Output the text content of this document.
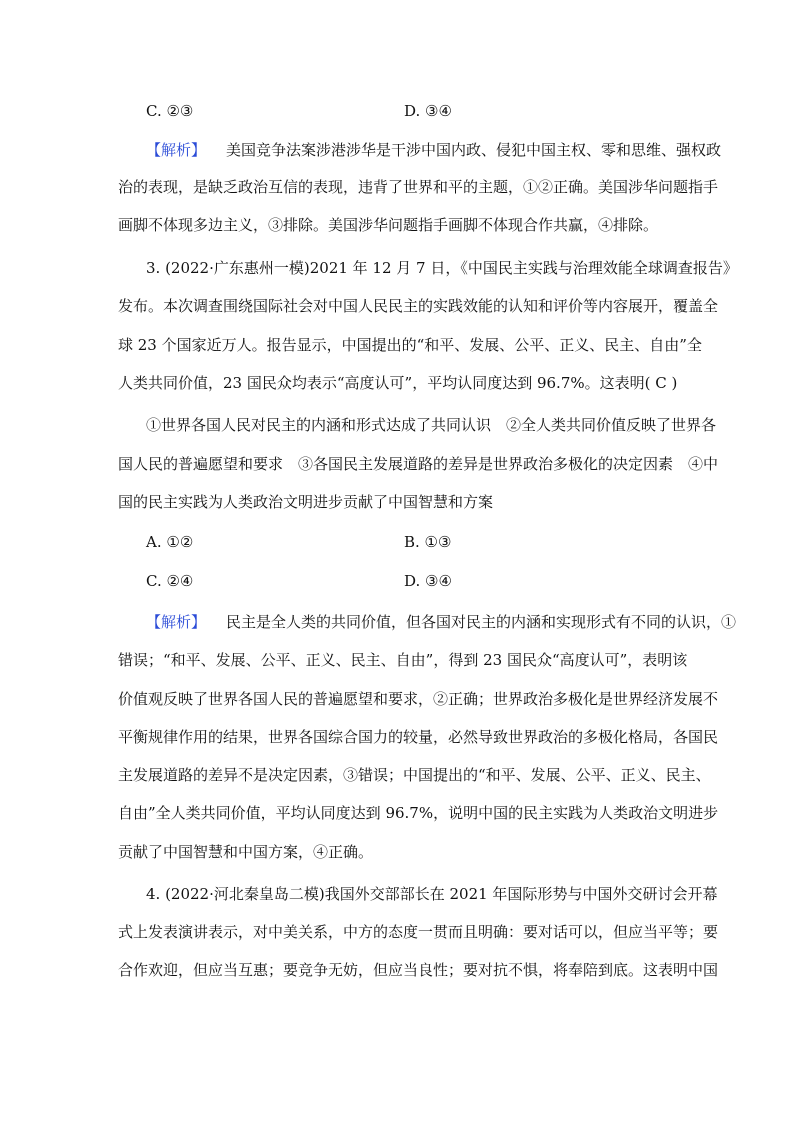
C. ②③	D. ③④
【解析】 美国竞争法案涉港涉华是干涉中国内政、侵犯中国主权、零和思维、强权政
治的表现，是缺乏政治互信的表现，违背了世界和平的主题，①②正确。美国涉华问题指手
画脚不体现多边主义，③排除。美国涉华问题指手画脚不体现合作共赢，④排除。
3. (2022·广东惠州一模)2021 年 12 月 7 日，《中国民主实践与治理效能全球调查报告》
发布。本次调查围绕国际社会对中国人民民主的实践效能的认知和评价等内容展开，覆盖全
球 23 个国家近万人。报告显示，中国提出的“和平、发展、公平、正义、民主、自由”全
人类共同价值，23 国民众均表示“高度认可”，平均认同度达到 96.7%。这表明( C )
①世界各国人民对民主的内涵和形式达成了共同认识　②全人类共同价值反映了世界各
国人民的普遍愿望和要求　③各国民主发展道路的差异是世界政治多极化的决定因素　④中
国的民主实践为人类政治文明进步贡献了中国智慧和方案
A. ①②	B. ①③
C. ②④	D. ③④
【解析】 民主是全人类的共同价值，但各国对民主的内涵和实现形式有不同的认识，①
错误；“和平、发展、公平、正义、民主、自由”，得到 23 国民众“高度认可”，表明该
价值观反映了世界各国人民的普遍愿望和要求，②正确；世界政治多极化是世界经济发展不
平衡规律作用的结果，世界各国综合国力的较量，必然导致世界政治的多极化格局，各国民
主发展道路的差异不是决定因素，③错误；中国提出的“和平、发展、公平、正义、民主、
自由”全人类共同价值，平均认同度达到 96.7%，说明中国的民主实践为人类政治文明进步
贡献了中国智慧和中国方案，④正确。
4. (2022·河北秦皇岛二模)我国外交部部长在 2021 年国际形势与中国外交研讨会开幕
式上发表演讲表示，对中美关系，中方的态度一贯而且明确：要对话可以，但应当平等；要
合作欢迎，但应当互惠；要竞争无妨，但应当良性；要对抗不惧，将奉陪到底。这表明中国
